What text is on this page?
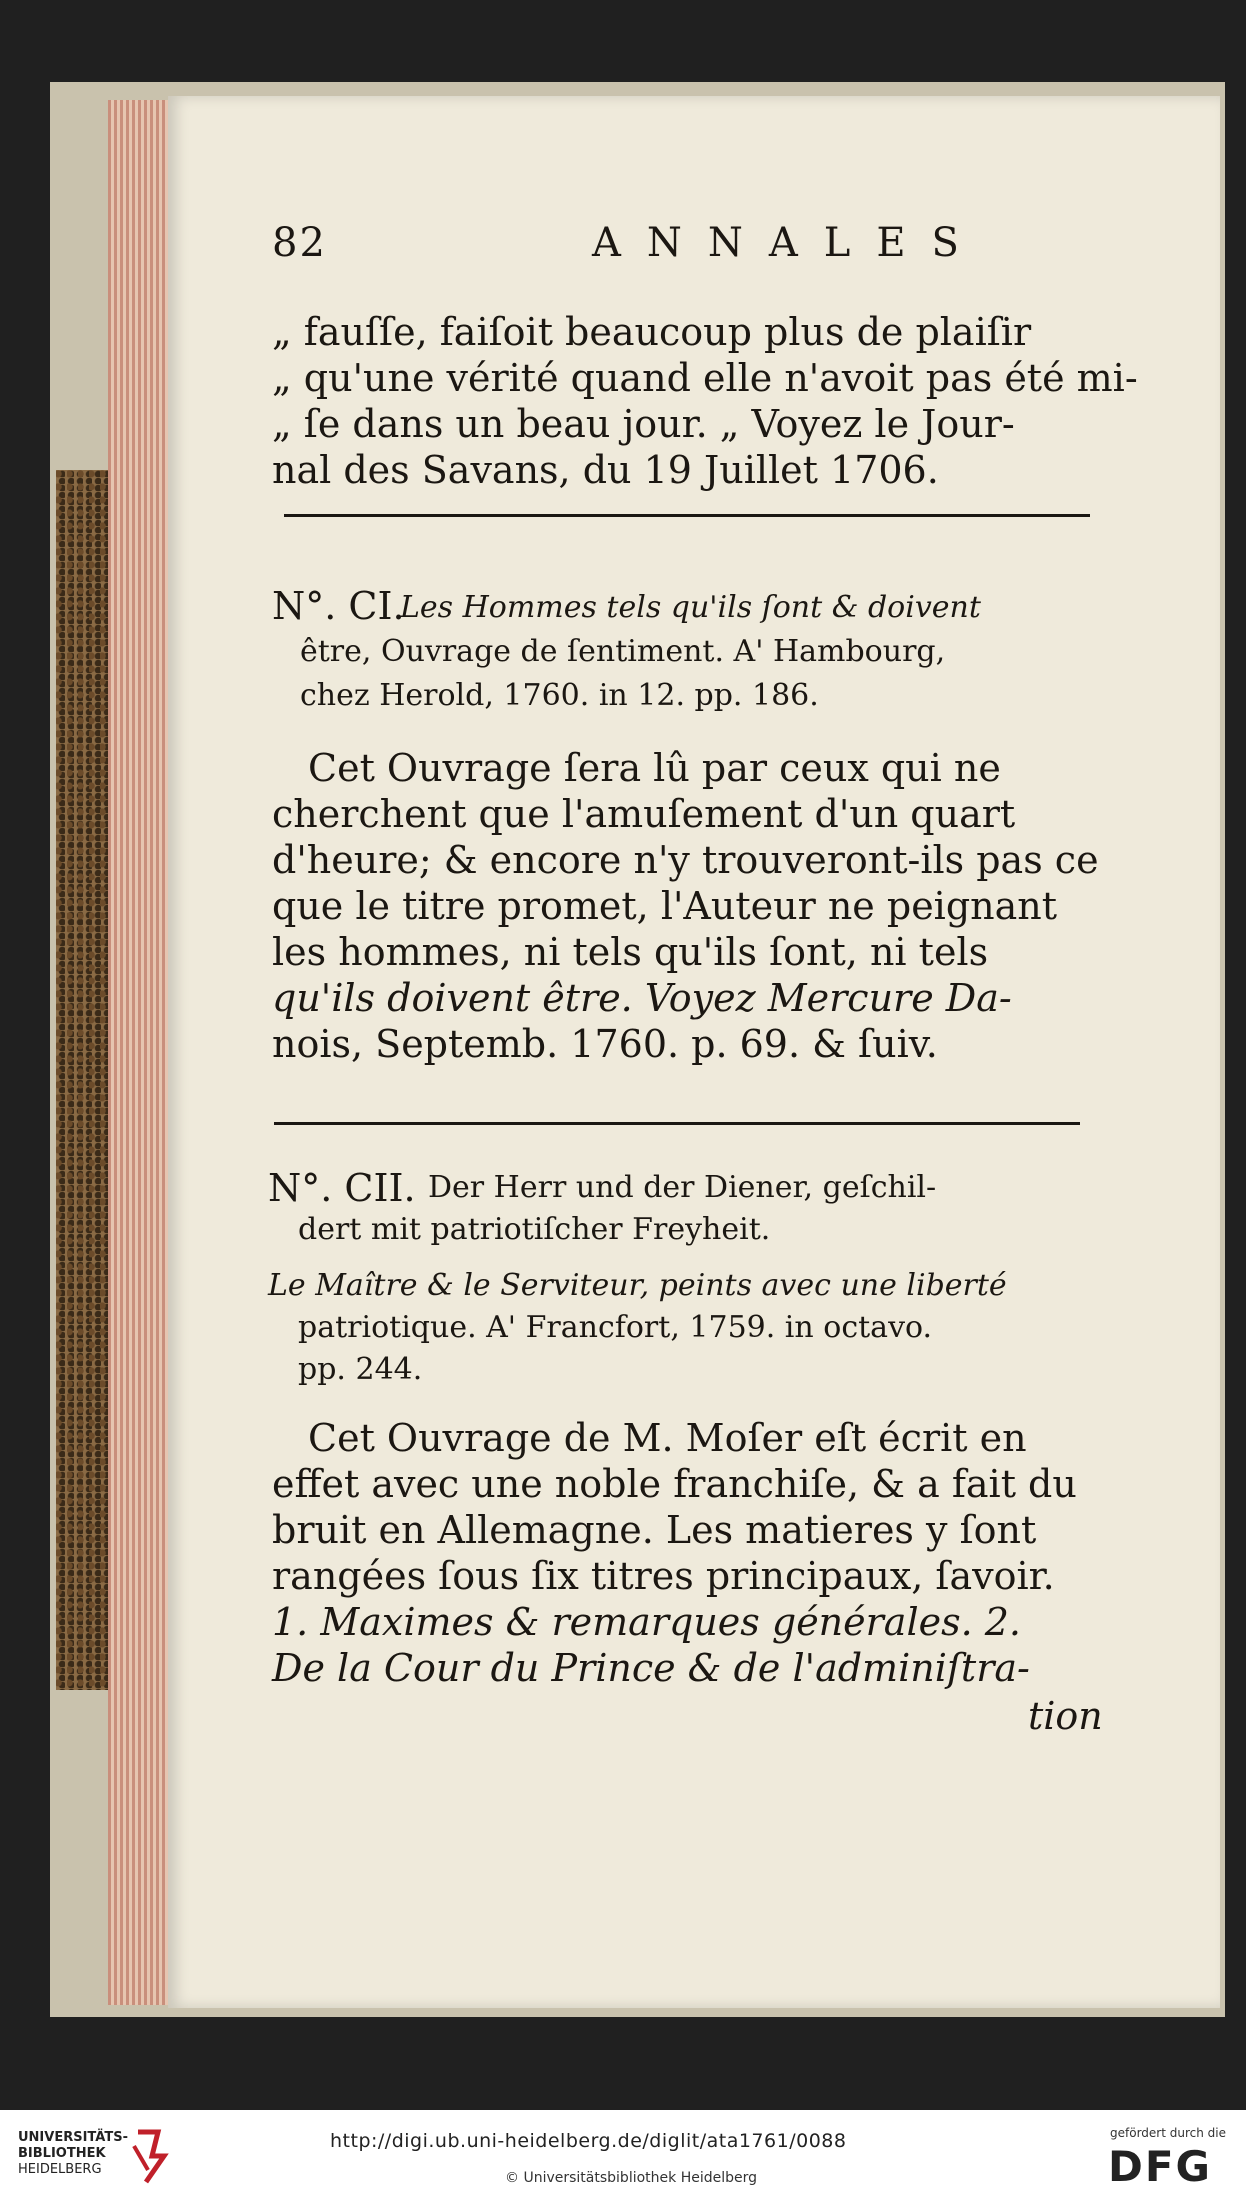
82	ANNALES
„ fauſſe, faiſoit beaucoup plus de plaiſir
„ qu'une vérité quand elle n'avoit pas été mi-
„ ſe dans un beau jour. „ Voyez le Jour-
nal des Savans, du 19 Juillet 1706.
N°. CI.
Les Hommes tels qu'ils ſont & doivent
être, Ouvrage de ſentiment. A' Hambourg,
chez Herold, 1760. in 12. pp. 186.
Cet Ouvrage ſera lû par ceux qui ne
cherchent que l'amuſement d'un quart
d'heure; & encore n'y trouveront-ils pas ce
que le titre promet, l'Auteur ne peignant
les hommes, ni tels qu'ils ſont, ni tels
qu'ils doivent être. Voyez Mercure Da-
nois, Septemb. 1760. p. 69. & ſuiv.
N°. CII. Der Herr und der Diener, geſchil-
dert mit patriotiſcher Freyheit.
Le Maître & le Serviteur, peints avec une liberté
patriotique. A' Francfort, 1759. in octavo.
pp. 244.
Cet Ouvrage de M. Moſer eſt écrit en
effet avec une noble franchiſe, & a fait du
bruit en Allemagne. Les matieres y ſont
rangées ſous ſix titres principaux, ſavoir.
1. Maximes & remarques générales. 2.
De la Cour du Prince & de l'adminiſtra-
tion
UNIVERSITÄTS-
BIBLIOTHEK
HEIDELBERG
http://digi.ub.uni-heidelberg.de/diglit/ata1761/0088
© Universitätsbibliothek Heidelberg
gefördert durch die
DFG
